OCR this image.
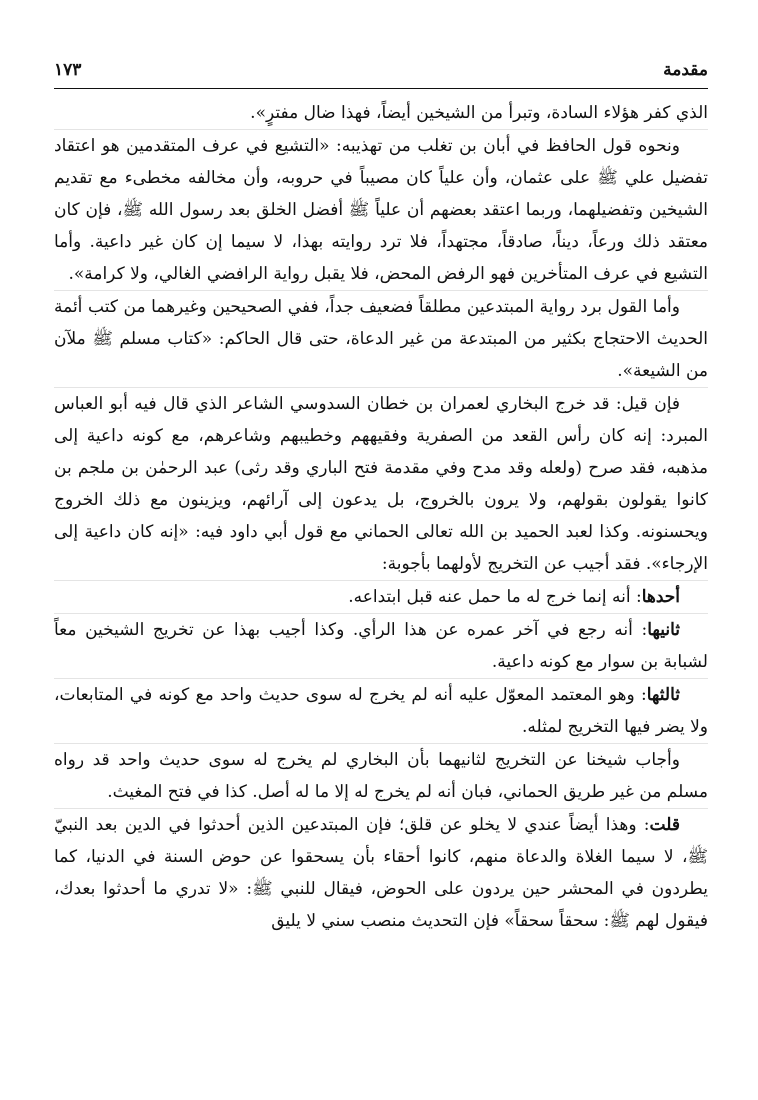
مقدمة
١٧٣

الذي كفر هؤلاء السادة، وتبرأ من الشيخين أيضاً، فهذا ضال مفترٍ».

ونحوه قول الحافظ في أبان بن تغلب من تهذيبه: «التشيع في عرف المتقدمين هو اعتقاد تفضيل علي ﷺ على عثمان، وأن علياً كان مصيباً في حروبه، وأن مخالفه مخطىء مع تقديم الشيخين وتفضيلهما، وربما اعتقد بعضهم أن علياً ﷺ أفضل الخلق بعد رسول الله ﷺ، فإن كان معتقد ذلك ورعاً، ديناً، صادقاً، مجتهداً، فلا ترد روايته بهذا، لا سيما إن كان غير داعية. وأما التشيع في عرف المتأخرين فهو الرفض المحض، فلا يقبل رواية الرافضي الغالي، ولا كرامة».

وأما القول برد رواية المبتدعين مطلقاً فضعيف جداً، ففي الصحيحين وغيرهما من كتب أئمة الحديث الاحتجاج بكثير من المبتدعة من غير الدعاة، حتى قال الحاكم: «كتاب مسلم ﷺ ملآن من الشيعة».

فإن قيل: قد خرج البخاري لعمران بن خطان السدوسي الشاعر الذي قال فيه أبو العباس المبرد: إنه كان رأس القعد من الصفرية وفقيههم وخطيبهم وشاعرهم، مع كونه داعية إلى مذهبه، فقد صرح (ولعله وقد مدح وفي مقدمة فتح الباري وقد رثى) عبد الرحمٰن بن ملجم بن كانوا يقولون بقولهم، ولا يرون بالخروج، بل يدعون إلى آرائهم، ويزينون مع ذلك الخروج ويحسنونه. وكذا لعبد الحميد بن الله تعالى الحماني مع قول أبي داود فيه: «إنه كان داعية إلى الإرجاء». فقد أجيب عن التخريج لأولهما بأجوبة:

أحدها: أنه إنما خرج له ما حمل عنه قبل ابتداعه.

ثانيها: أنه رجع في آخر عمره عن هذا الرأي. وكذا أجيب بهذا عن تخريج الشيخين معاً لشبابة بن سوار مع كونه داعية.

ثالثها: وهو المعتمد المعوّل عليه أنه لم يخرج له سوى حديث واحد مع كونه في المتابعات، ولا يضر فيها التخريج لمثله.

وأجاب شيخنا عن التخريج لثانيهما بأن البخاري لم يخرج له سوى حديث واحد قد رواه مسلم من غير طريق الحماني، فبان أنه لم يخرج له إلا ما له أصل. كذا في فتح المغيث.

قلت: وهذا أيضاً عندي لا يخلو عن قلق؛ فإن المبتدعين الذين أحدثوا في الدين بعد النبيّ ﷺ، لا سيما الغلاة والدعاة منهم، كانوا أحقاء بأن يسحقوا عن حوض السنة في الدنيا، كما يطردون في المحشر حين يردون على الحوض، فيقال للنبي ﷺ: «لا تدري ما أحدثوا بعدك، فيقول لهم ﷺ: سحقاً سحقاً» فإن التحديث منصب سني لا يليق
